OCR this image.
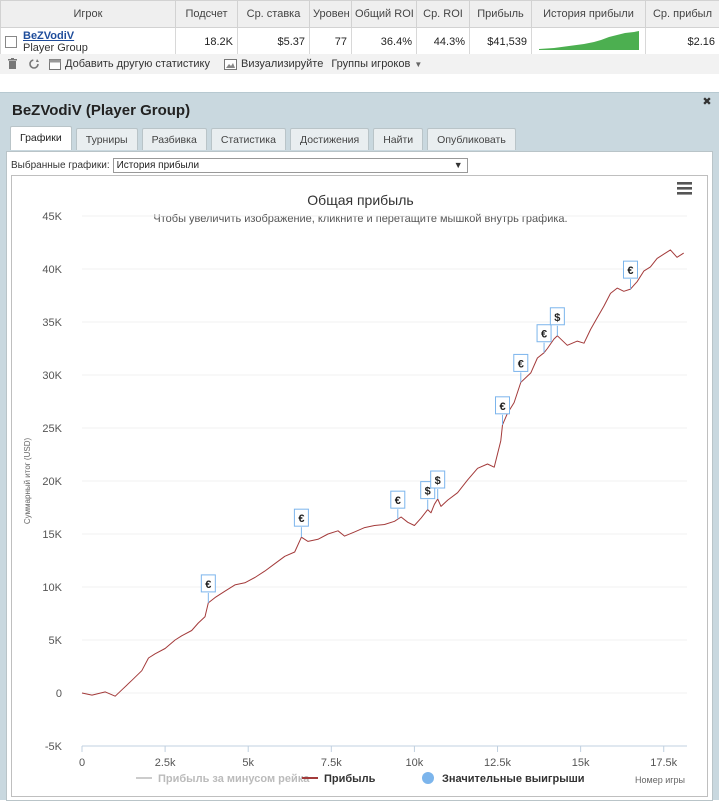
Игрок	Подсчет	Ср. ставка	Уровен	Общий ROI	Ср. ROI	Прибыль	История прибыли	Ср. прибыл

BeZVodiV
Player Group	18.2K	$5.37	77	36.4%	44.3%	$41,539		$2.16
Добавить другую статистику	Визуализируйте Группы игроков ▼
BeZVodiV (Player Group)	✖
Графики	Турниры	Разбивка	Статистика	Достижения	Найти	Опубликовать
Выбранные графики: История прибыли	▼
Общая прибыль
Чтобы увеличить изображение, кликните и перетащите мышкой внутрь графика.
-5K
0
5K
10K
15K
20K
25K
30K
35K
40K
45K
0	2.5k	5k	7.5k	10k	12.5k	15k	17.5k
Суммарный итог (USD)
€
€
€
$
$
€
€
€
$
€
Номер игры
Прибыль за минусом рейка Прибыль	Значительные выигрыши
